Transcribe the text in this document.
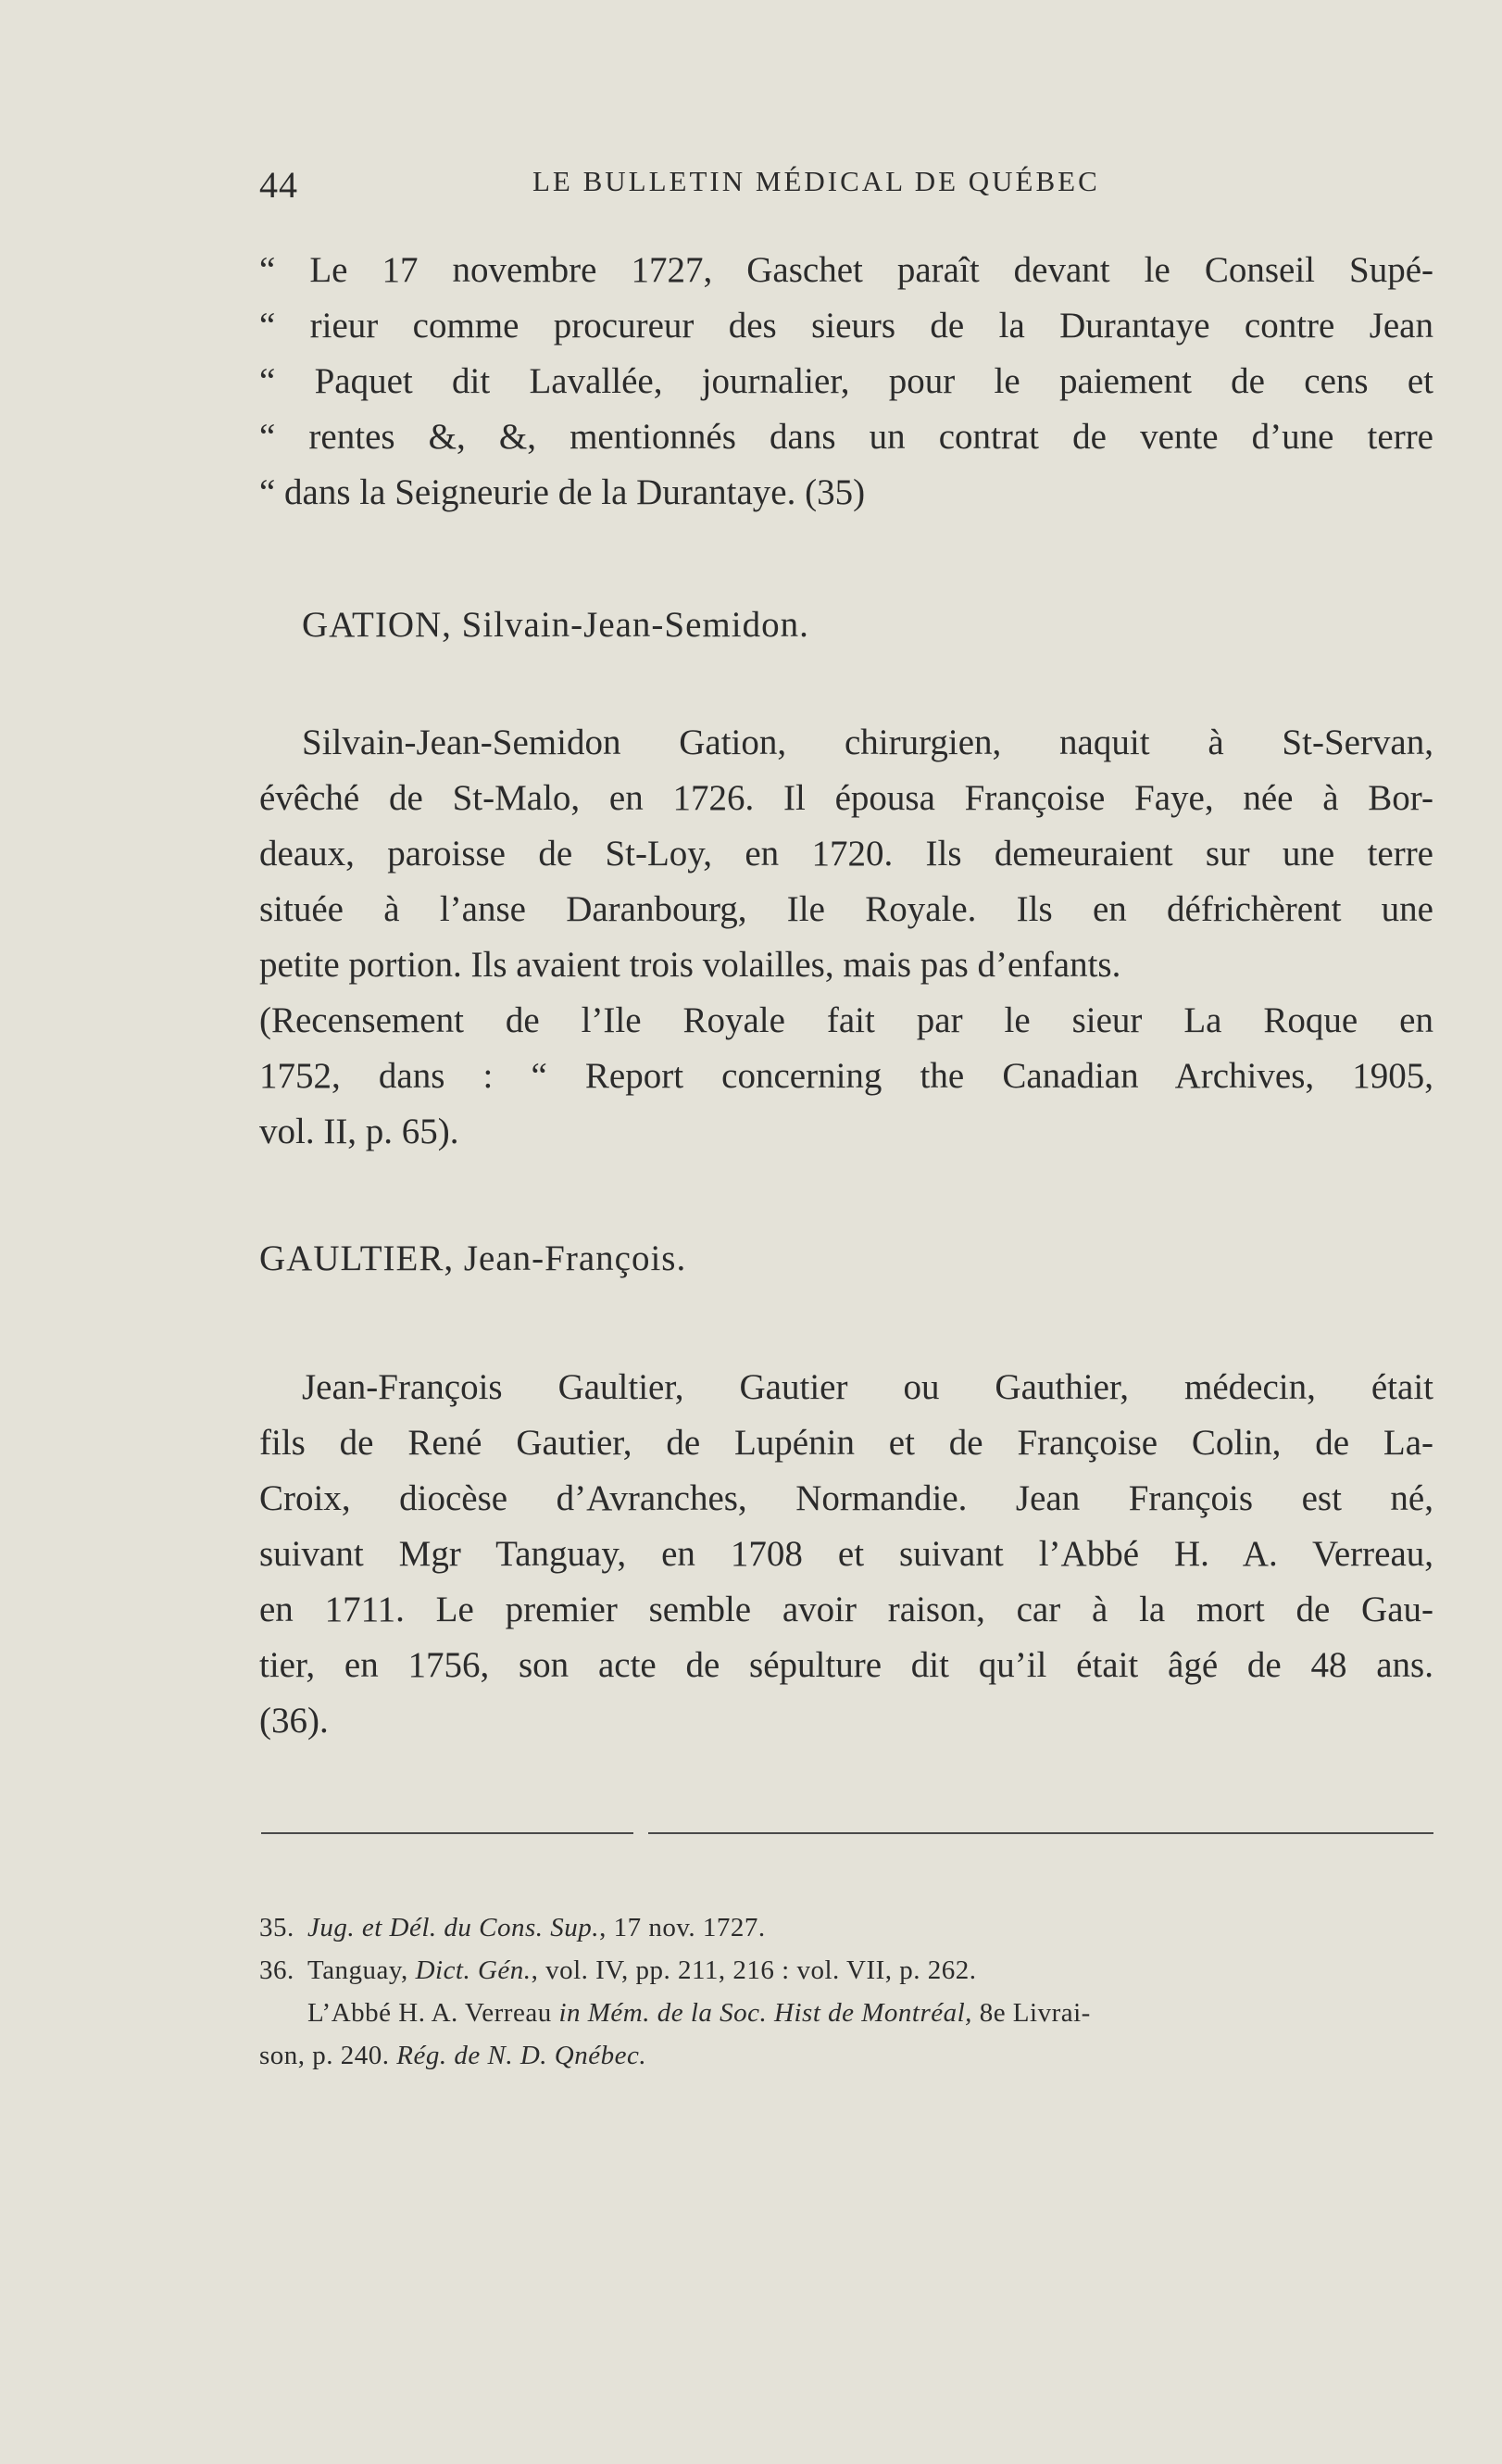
44	LE BULLETIN MÉDICAL DE QUÉBEC
“ Le 17 novembre 1727, Gaschet paraît devant le Conseil Supé-
“ rieur comme procureur des sieurs de la Durantaye contre Jean
“ Paquet dit Lavallée, journalier, pour le paiement de cens et
“ rentes &, &, mentionnés dans un contrat de vente d’une terre
“ dans la Seigneurie de la Durantaye. (35)
GATION, Silvain-Jean-Semidon.
Silvain-Jean-Semidon Gation, chirurgien, naquit à St-Servan,
évêché de St-Malo, en 1726. Il épousa Françoise Faye, née à Bor-
deaux, paroisse de St-Loy, en 1720. Ils demeuraient sur une terre
située à l’anse Daranbourg, Ile Royale. Ils en défrichèrent une
petite portion. Ils avaient trois volailles, mais pas d’enfants.
(Recensement de l’Ile Royale fait par le sieur La Roque en
1752, dans : “ Report concerning the Canadian Archives, 1905,
vol. II, p. 65).
GAULTIER, Jean-François.
Jean-François Gaultier, Gautier ou Gauthier, médecin, était
fils de René Gautier, de Lupénin et de Françoise Colin, de La-
Croix, diocèse d’Avranches, Normandie. Jean François est né,
suivant Mgr Tanguay, en 1708 et suivant l’Abbé H. A. Verreau,
en 1711. Le premier semble avoir raison, car à la mort de Gau-
tier, en 1756, son acte de sépulture dit qu’il était âgé de 48 ans.
(36).
35. Jug. et Dél. du Cons. Sup., 17 nov. 1727.
36. Tanguay, Dict. Gén., vol. IV, pp. 211, 216 : vol. VII, p. 262.
L’Abbé H. A. Verreau in Mém. de la Soc. Hist de Montréal, 8e Livrai-
son, p. 240. Rég. de N. D. Qnébec.
